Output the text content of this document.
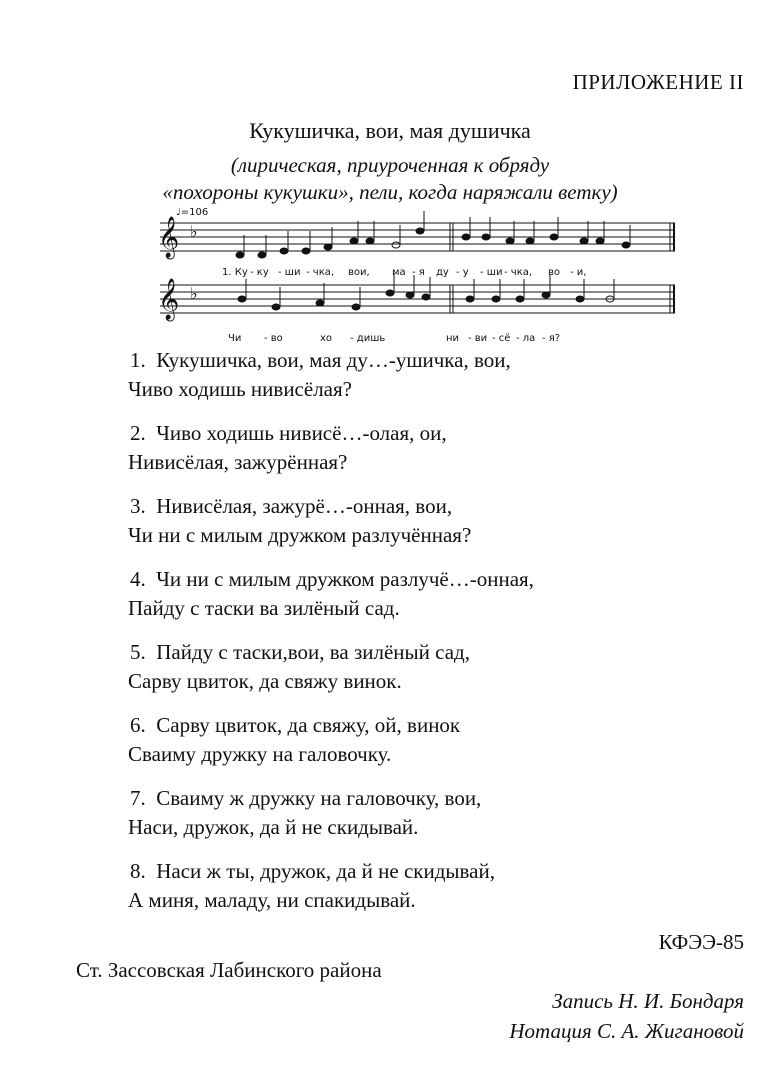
ПРИЛОЖЕНИЕ II
Кукушичка, вои, мая душичка
(лирическая, приуроченная к обряду
«похороны кукушки», пели, когда наряжали ветку)
𝄞 ♭
𝄞 ♭
♩=106
1. Ку - ку - ши - чка, вои, ма - я ду - у - ши - чка, во - и,
Чи - во	хо - дишь	ни - ви - сё - ла - я?
1. Кукушичка, вои, мая ду…-ушичка, вои,
Чиво ходишь нивисёлая?
2. Чиво ходишь нивисё…-олая, ои,
Нивисёлая, зажурённая?
3. Нивисёлая, зажурё…-онная, вои,
Чи ни с милым дружком разлучённая?
4. Чи ни с милым дружком разлучё…-онная,
Пайду с таски ва зилёный сад.
5. Пайду с таски,вои, ва зилёный сад,
Сарву цвиток, да свяжу винок.
6. Сарву цвиток, да свяжу, ой, винок
Сваиму дружку на галовочку.
7. Сваиму ж дружку на галовочку, вои,
Наси, дружок, да й не скидывай.
8. Наси ж ты, дружок, да й не скидывай,
А миня, маладу, ни спакидывай.
КФЭЭ-85
Ст. Зассовская Лабинского района
Запись Н. И. Бондаря
Нотация С. А. Жигановой
